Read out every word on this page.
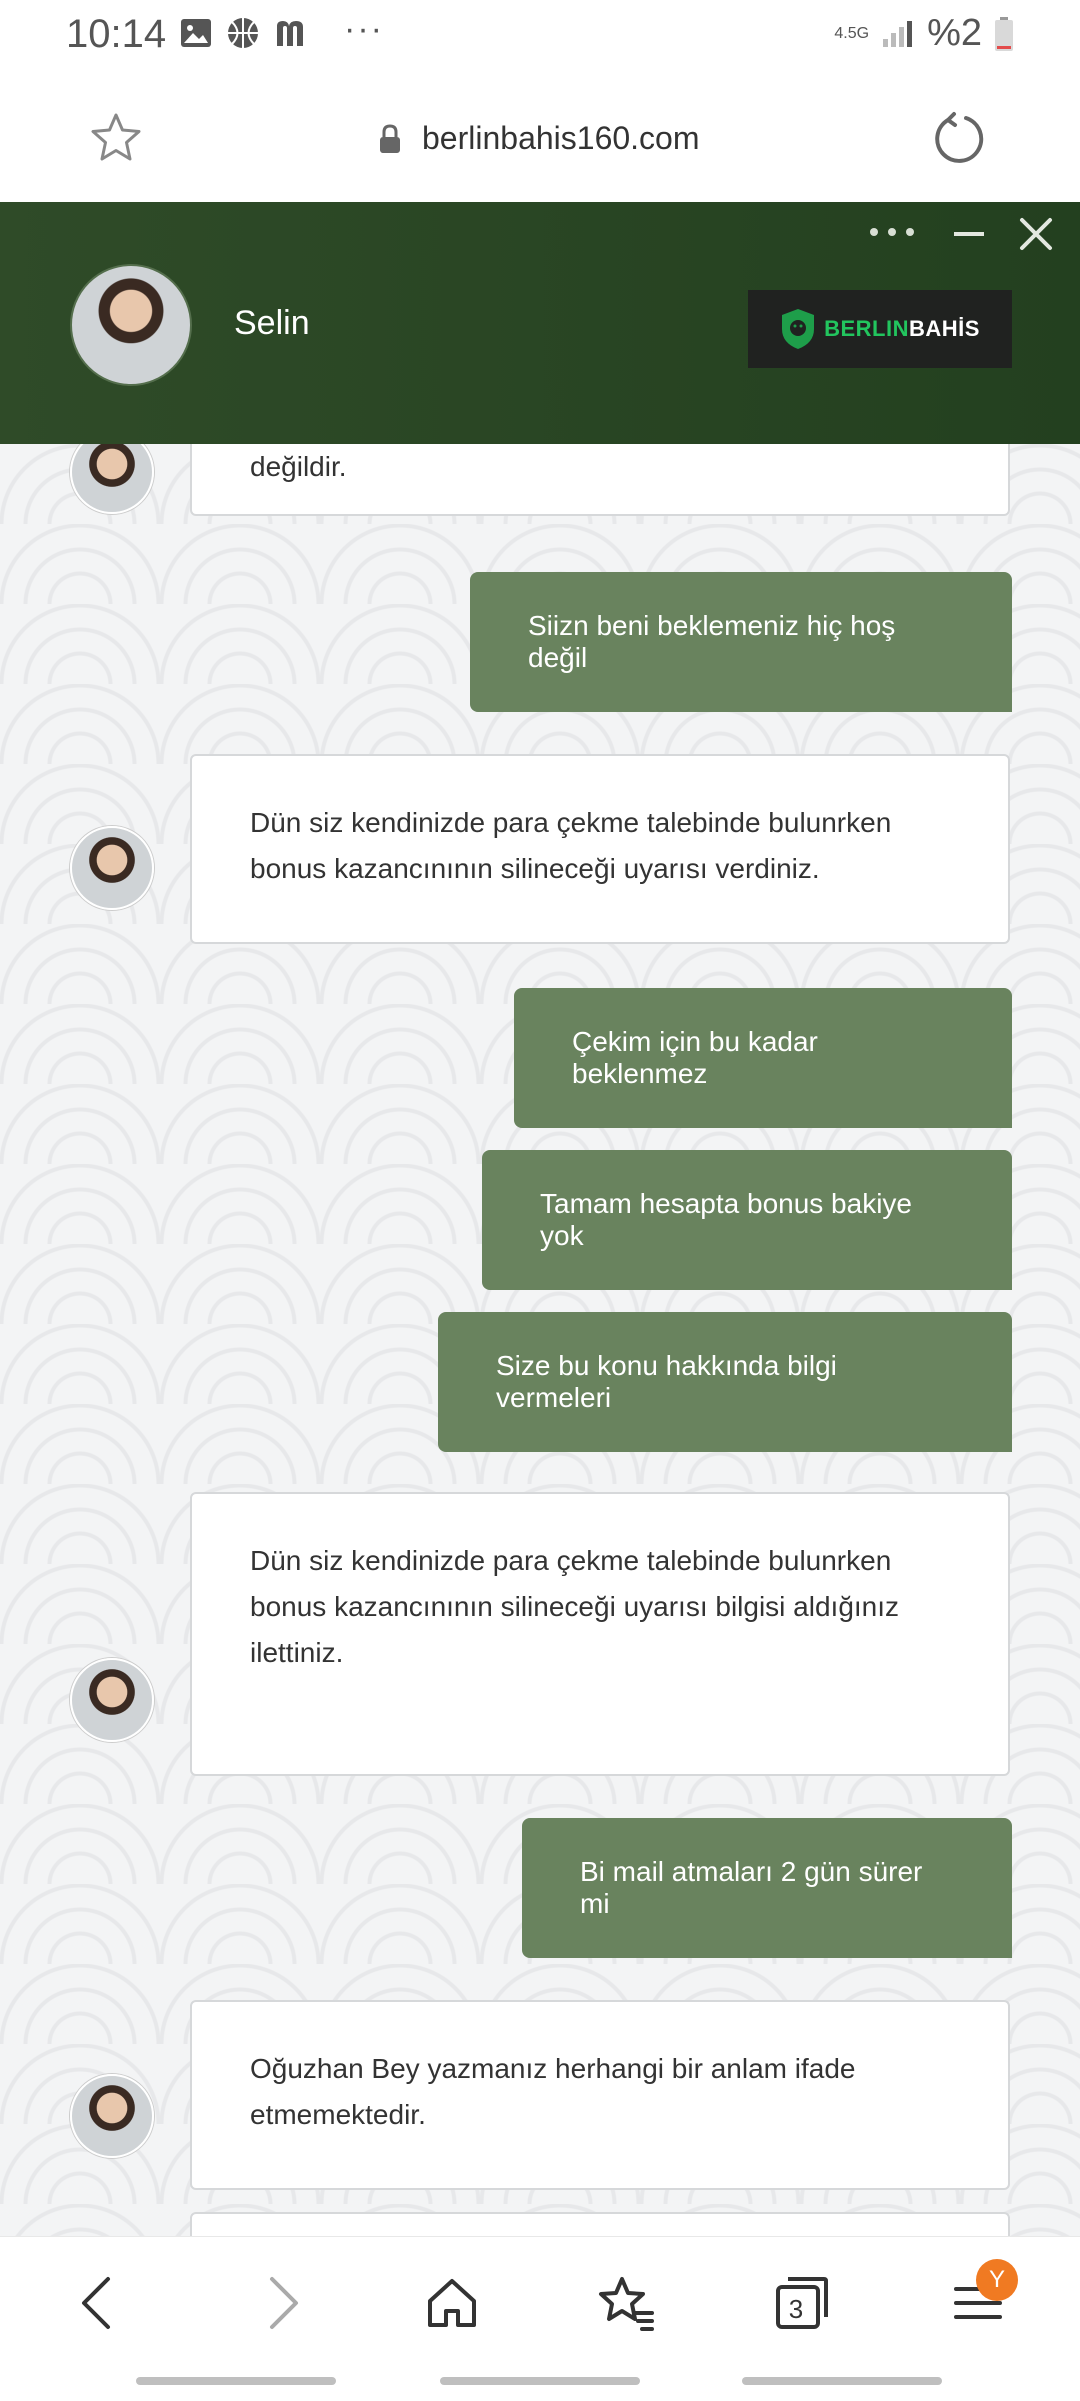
10:14	···	4.5G %2
berlinbahis160.com
Selin	BERLINBAHİS
değildir.
Siizn beni beklemeniz hiç hoş değil
Dün siz kendinizde para çekme talebinde bulunrken bonus kazancınının silineceği uyarısı verdiniz.
Çekim için bu kadar beklenmez
Tamam hesapta bonus bakiye yok
Size bu konu hakkında bilgi vermeleri
Dün siz kendinizde para çekme talebinde bulunrken bonus kazancınının silineceği uyarısı bilgisi aldığınız ilettiniz.
Bi mail atmaları 2 gün sürer mi
Oğuzhan Bey yazmanız herhangi bir anlam ifade etmemektedir.
3
Y
